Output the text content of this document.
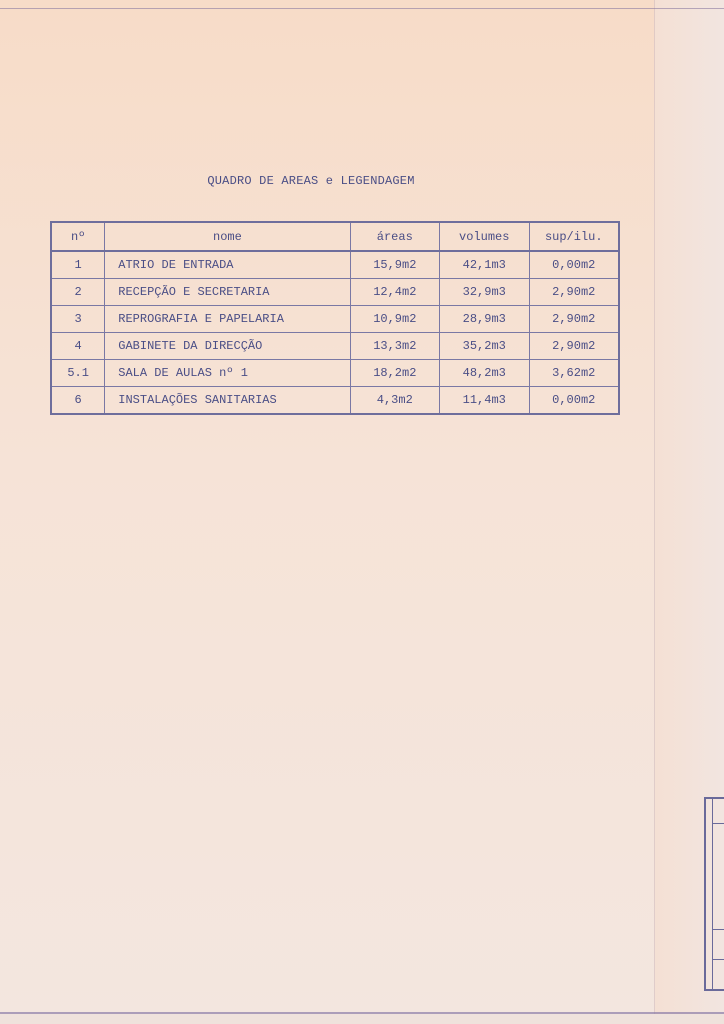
QUADRO DE AREAS e LEGENDAGEM
nº	nome	áreas	volumes	sup/ilu.
1	ATRIO DE ENTRADA	15,9m2	42,1m3	0,00m2
2	RECEPÇÃO E SECRETARIA	12,4m2	32,9m3	2,90m2
3	REPROGRAFIA E PAPELARIA	10,9m2	28,9m3	2,90m2
4	GABINETE DA DIRECÇÃO	13,3m2	35,2m3	2,90m2
5.1	SALA DE AULAS nº 1	18,2m2	48,2m3	3,62m2
6	INSTALAÇÕES SANITARIAS	4,3m2	11,4m3	0,00m2
